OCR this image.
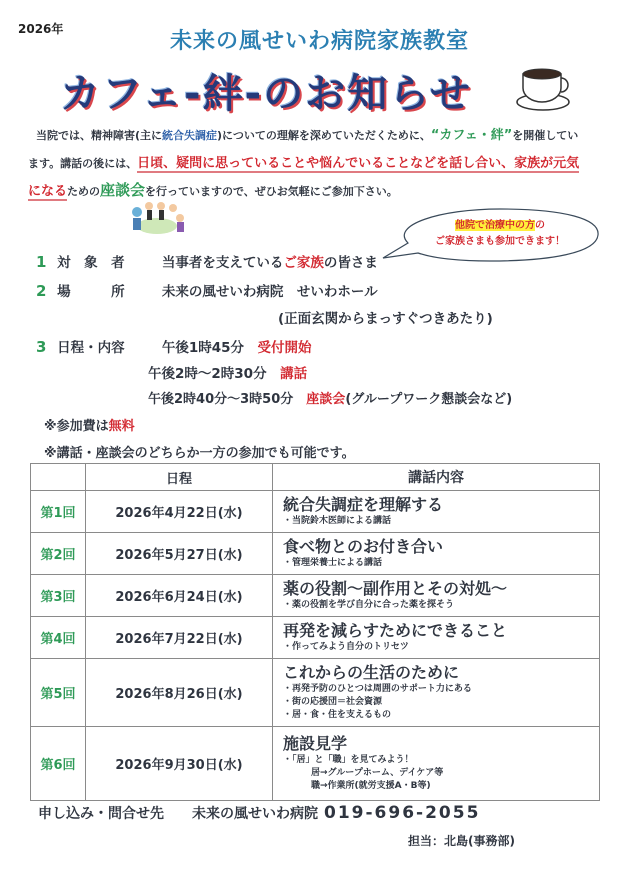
2026年	未来の風せいわ病院家族教室
カフェ-絆-のお知らせ
当院では、精神障害(主に統合失調症)についての理解を深めていただくために、“カフェ・絆”を開催してい
ます。講話の後には、日頃、疑問に思っていることや悩んでいることなどを話し合い、家族が元気
になるための座談会を行っていますので、ぜひお気軽にご参加下さい。
他院で治療中の方の
ご家族さまも参加できます！
1 対　象　者	当事者を支えているご家族の皆さま
2 場　　　所	未来の風せいわ病院　せいわホール
(正面玄関からまっすぐつきあたり)
3 日程・内容	午後1時45分　 受付開始
午後2時～2時30分　 講話
午後2時40分～3時50分　 座談会(グループワーク懇談会など)
※参加費は無料
※講話・座談会のどちらか一方の参加でも可能です。
	日程	講話内容
第1回	2026年4月22日(水)	統合失調症を理解する
・当院鈴木医師による講話

第2回	2026年5月27日(水)	食べ物とのお付き合い
・管理栄養士による講話

第3回	2026年6月24日(水)	薬の役割～副作用とその対処～
・薬の役割を学び自分に合った薬を探そう

第4回	2026年7月22日(水)	再発を減らすためにできること
・作ってみよう自分のトリセツ

第5回	2026年8月26日(水)	これからの生活のために
・再発予防のひとつは周囲のサポート力にある
・街の応援団＝社会資源
・居・食・住を支えるもの

第6回	2026年9月30日(水)	施設見学
・「居」と「職」を見てみよう！
居→グループホーム、デイケア等
職→作業所(就労支援A・B等)
申し込み・問合せ先　　 未来の風せいわ病院 019-696-2055
担当：北島(事務部)
